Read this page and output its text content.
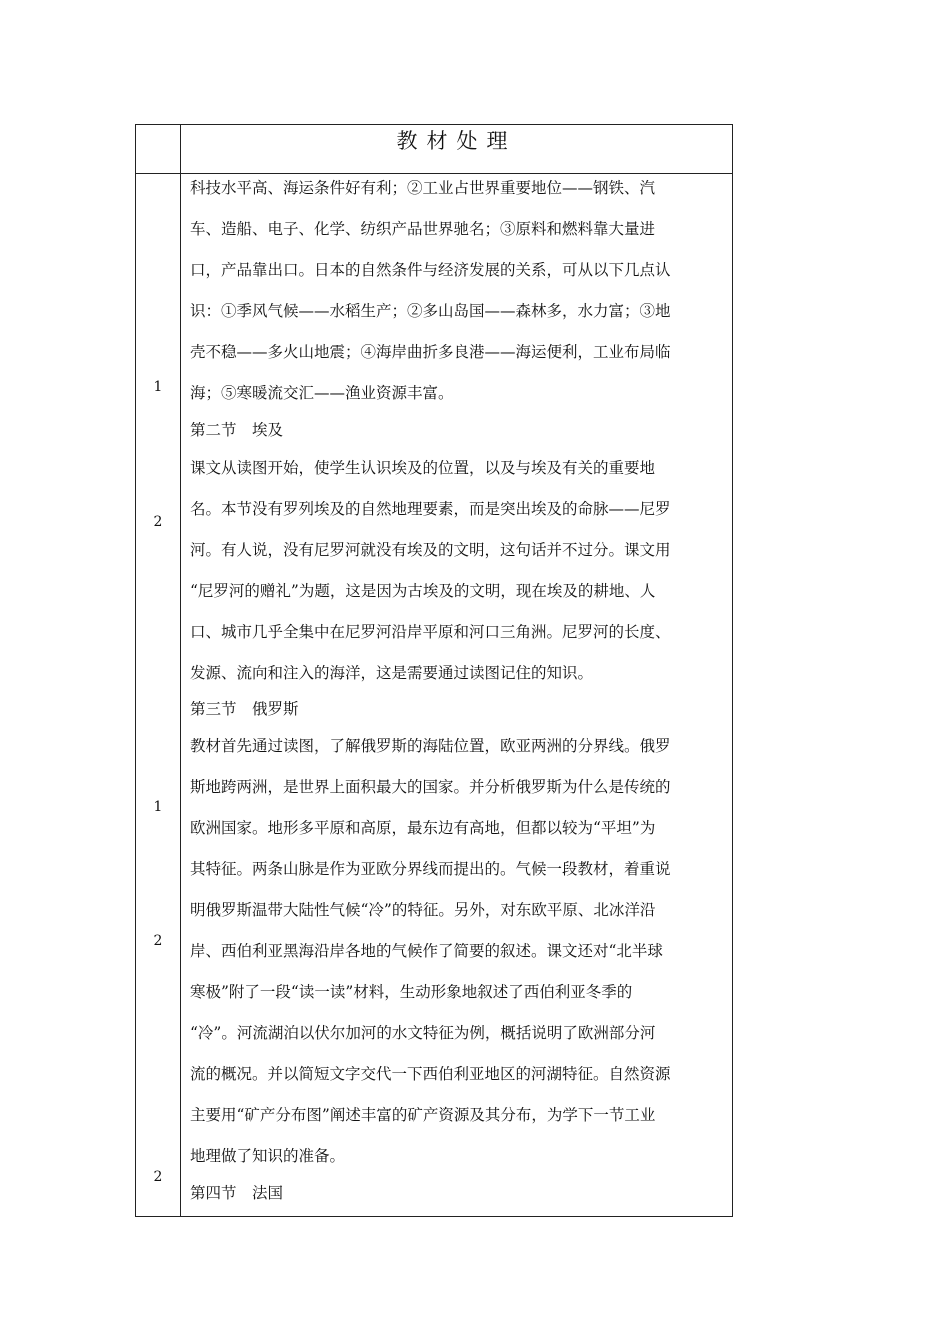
教材处理
1
2
1
2
2
科技水平高、海运条件好有利；②工业占世界重要地位——钢铁、汽
车、造船、电子、化学、纺织产品世界驰名；③原料和燃料靠大量进
口，产品靠出口。日本的自然条件与经济发展的关系，可从以下几点认
识：①季风气候——水稻生产；②多山岛国——森林多，水力富；③地
壳不稳——多火山地震；④海岸曲折多良港——海运便利，工业布局临
海；⑤寒暖流交汇——渔业资源丰富。
第二节　埃及
课文从读图开始，使学生认识埃及的位置，以及与埃及有关的重要地
名。本节没有罗列埃及的自然地理要素，而是突出埃及的命脉——尼罗
河。有人说，没有尼罗河就没有埃及的文明，这句话并不过分。课文用
“尼罗河的赠礼”为题，这是因为古埃及的文明，现在埃及的耕地、人
口、城市几乎全集中在尼罗河沿岸平原和河口三角洲。尼罗河的长度、
发源、流向和注入的海洋，这是需要通过读图记住的知识。
第三节　俄罗斯
教材首先通过读图，了解俄罗斯的海陆位置，欧亚两洲的分界线。俄罗
斯地跨两洲，是世界上面积最大的国家。并分析俄罗斯为什么是传统的
欧洲国家。地形多平原和高原，最东边有高地，但都以较为“平坦”为
其特征。两条山脉是作为亚欧分界线而提出的。气候一段教材，着重说
明俄罗斯温带大陆性气候“冷”的特征。另外，对东欧平原、北冰洋沿
岸、西伯利亚黑海沿岸各地的气候作了简要的叙述。课文还对“北半球
寒极”附了一段“读一读”材料，生动形象地叙述了西伯利亚冬季的
“冷”。河流湖泊以伏尔加河的水文特征为例，概括说明了欧洲部分河
流的概况。并以简短文字交代一下西伯利亚地区的河湖特征。自然资源
主要用“矿产分布图”阐述丰富的矿产资源及其分布，为学下一节工业
地理做了知识的准备。
第四节　法国
